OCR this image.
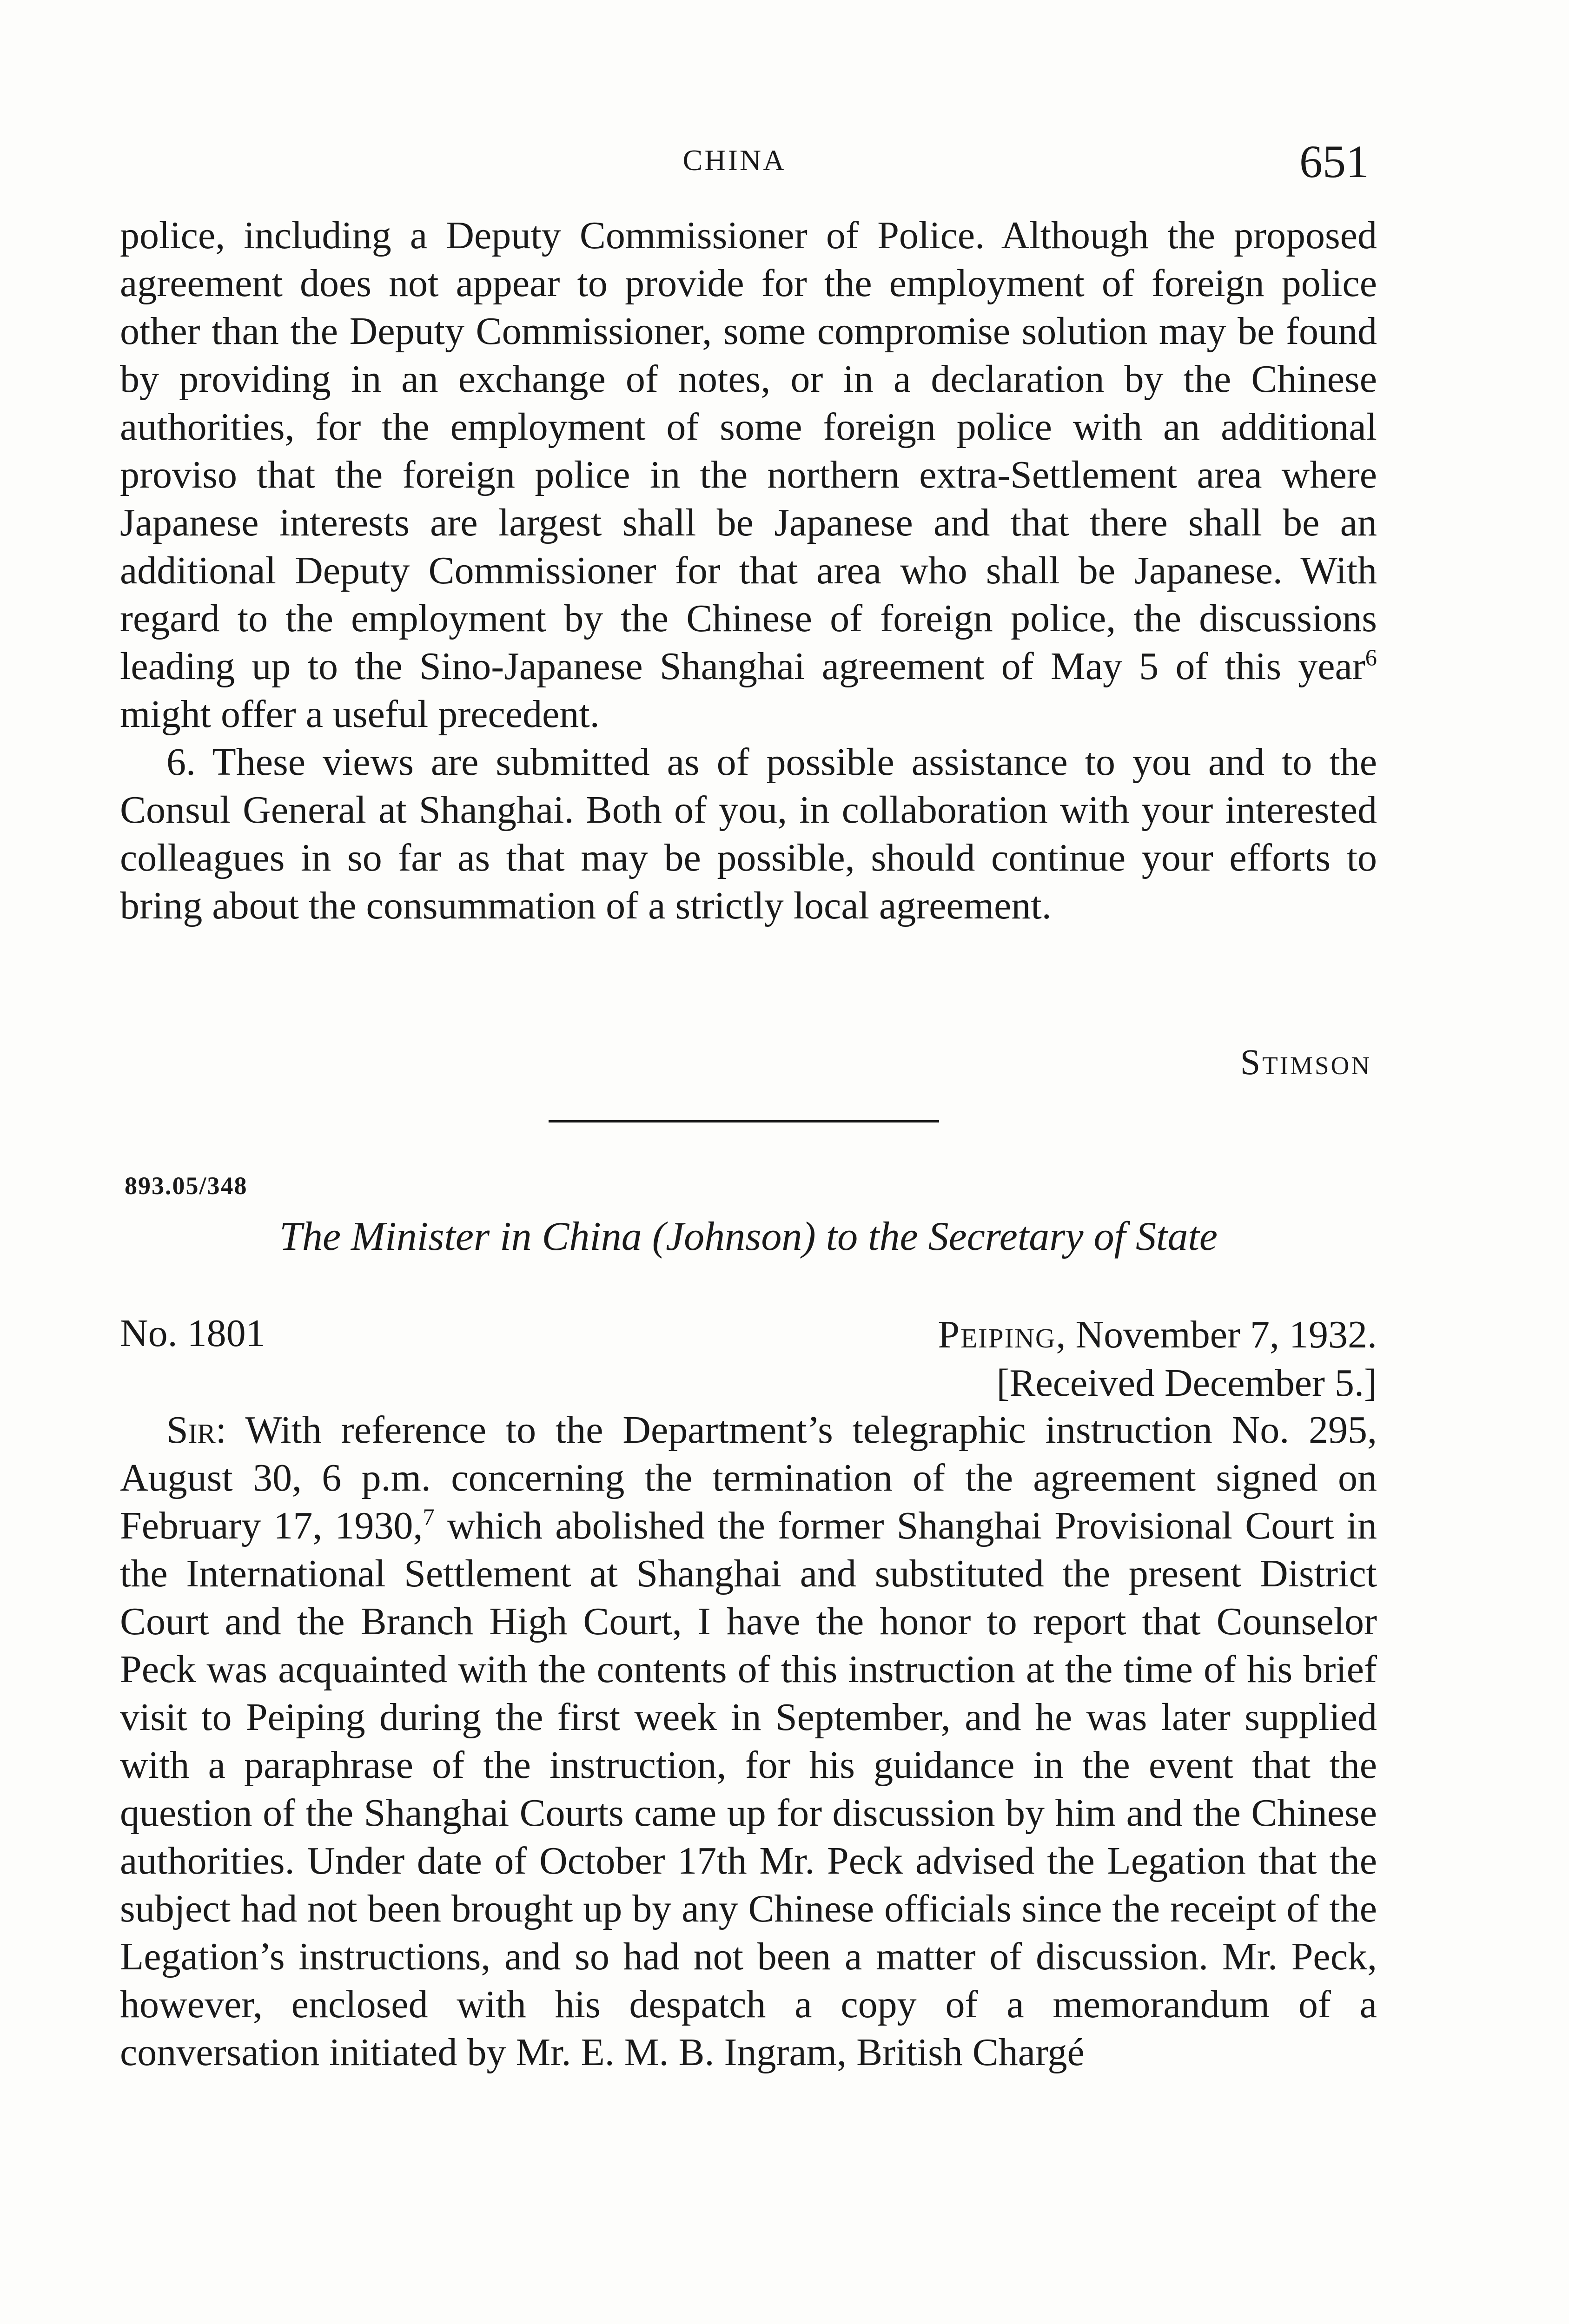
CHINA	651

police, including a Deputy Commissioner of Police. Although the proposed agreement does not appear to provide for the employment of foreign police other than the Deputy Commissioner, some compromise solution may be found by providing in an exchange of notes, or in a declaration by the Chinese authorities, for the employment of some foreign police with an additional proviso that the foreign police in the northern extra-Settlement area where Japanese interests are largest shall be Japanese and that there shall be an additional Deputy Commissioner for that area who shall be Japanese. With regard to the employment by the Chinese of foreign police, the discussions leading up to the Sino-Japanese Shanghai agreement of May 5 of this year$^6$ might offer a useful precedent.

6. These views are submitted as of possible assistance to you and to the Consul General at Shanghai. Both of you, in collaboration with your interested colleagues in so far as that may be possible, should continue your efforts to bring about the consummation of a strictly local agreement.

Stimson
893.05/348
The Minister in China (Johnson) to the Secretary of State
No. 1801	Peiping, November 7, 1932.
[Received December 5.]

Sir: With reference to the Department’s telegraphic instruction No. 295, August 30, 6 p.m. concerning the termination of the agreement signed on February 17, 1930,$^7$ which abolished the former Shanghai Provisional Court in the International Settlement at Shanghai and substituted the present District Court and the Branch High Court, I have the honor to report that Counselor Peck was acquainted with the contents of this instruction at the time of his brief visit to Peiping during the first week in September, and he was later supplied with a paraphrase of the instruction, for his guidance in the event that the question of the Shanghai Courts came up for discussion by him and the Chinese authorities. Under date of October 17th Mr. Peck advised the Legation that the subject had not been brought up by any Chinese officials since the receipt of the Legation’s instructions, and so had not been a matter of discussion. Mr. Peck, however, enclosed with his despatch a copy of a memorandum of a conversation initiated by Mr. E. M. B. Ingram, British Chargé
